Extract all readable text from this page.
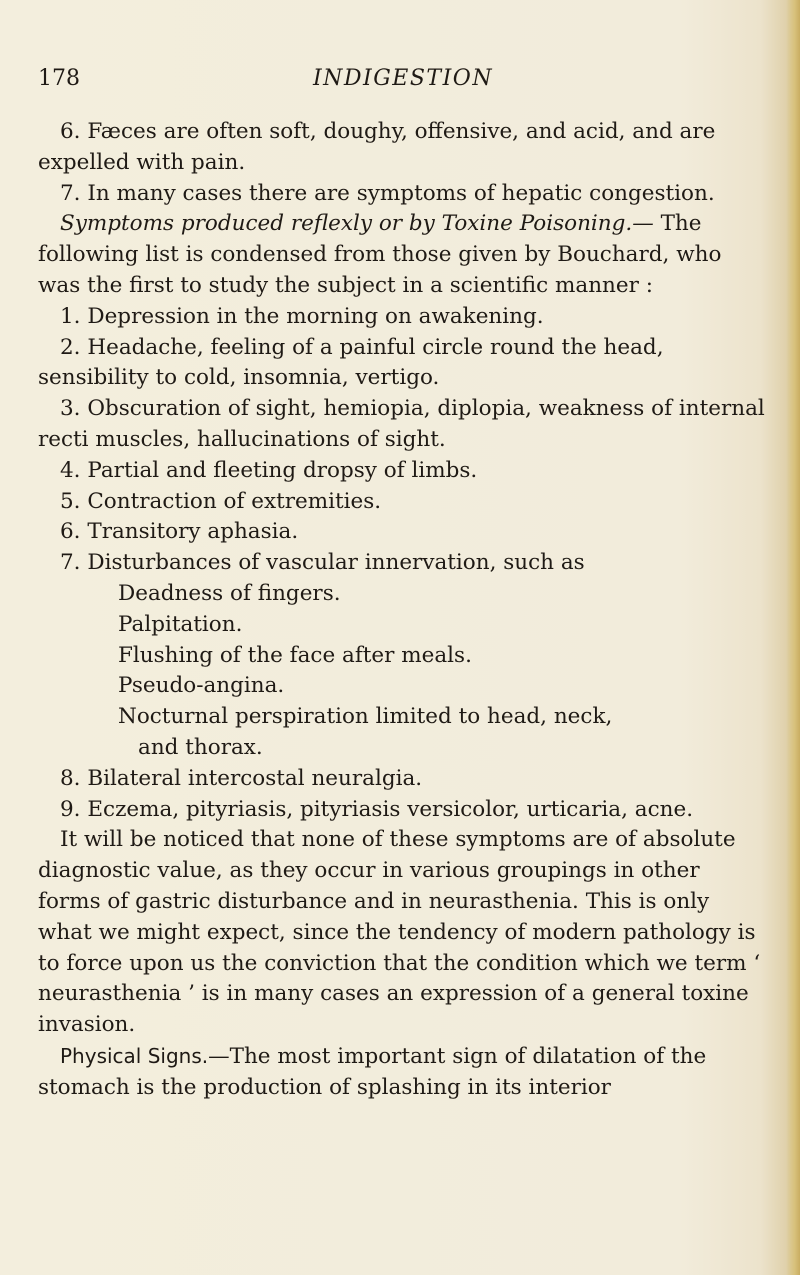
178	INDIGESTION

6. Fæces are often soft, doughy, offensive, and acid, and are expelled with pain.

7. In many cases there are symptoms of hepatic congestion.

Symptoms produced reflexly or by Toxine Poisoning.— The following list is condensed from those given by Bouchard, who was the first to study the subject in a scientific manner :

1. Depression in the morning on awakening.

2. Headache, feeling of a painful circle round the head, sensibility to cold, insomnia, vertigo.

3. Obscuration of sight, hemiopia, diplopia, weakness of internal recti muscles, hallucinations of sight.

4. Partial and fleeting dropsy of limbs.

5. Contraction of extremities.

6. Transitory aphasia.

7. Disturbances of vascular innervation, such as

Deadness of fingers.

Palpitation.

Flushing of the face after meals.

Pseudo-angina.

Nocturnal perspiration limited to head, neck,

and thorax.

8. Bilateral intercostal neuralgia.

9. Eczema, pityriasis, pityriasis versicolor, urticaria, acne.

It will be noticed that none of these symptoms are of absolute diagnostic value, as they occur in various groupings in other forms of gastric disturbance and in neurasthenia. This is only what we might expect, since the tendency of modern pathology is to force upon us the conviction that the condition which we term ‘ neurasthenia ’ is in many cases an expression of a general toxine invasion.

Physical Signs.—The most important sign of dilatation of the stomach is the production of splashing in its interior
